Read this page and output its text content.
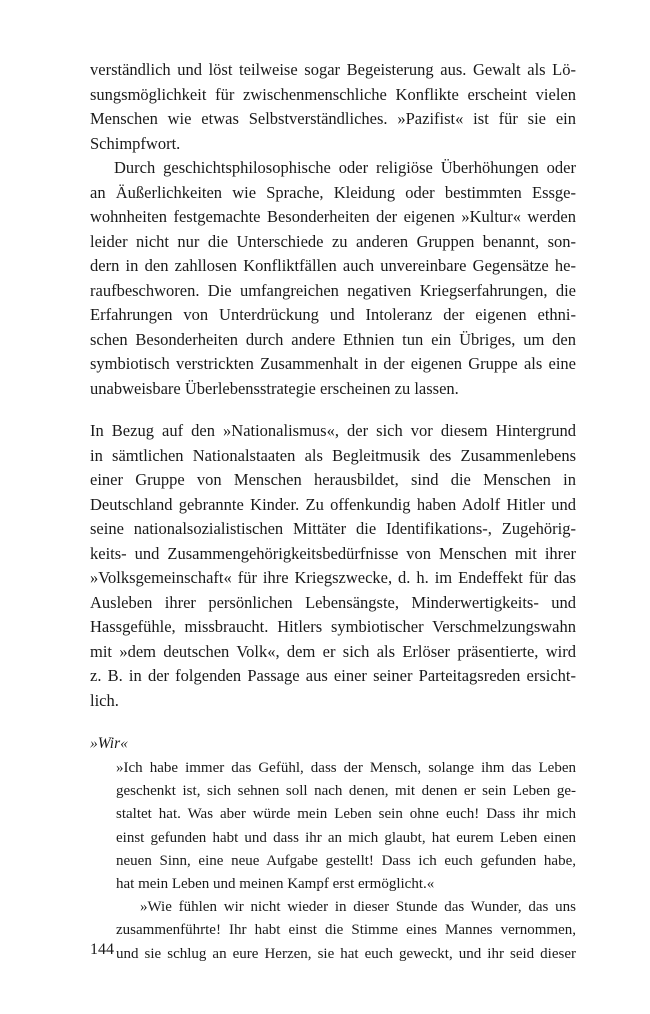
verständlich und löst teilweise sogar Begeisterung aus. Gewalt als Lö-
sungsmöglichkeit für zwischenmenschliche Konflikte erscheint vielen
Menschen wie etwas Selbstverständliches. »Pazifist« ist für sie ein
Schimpfwort.
Durch geschichtsphilosophische oder religiöse Überhöhungen oder
an Äußerlichkeiten wie Sprache, Kleidung oder bestimmten Essge-
wohnheiten festgemachte Besonderheiten der eigenen »Kultur« werden
leider nicht nur die Unterschiede zu anderen Gruppen benannt, son-
dern in den zahllosen Konfliktfällen auch unvereinbare Gegensätze he-
raufbeschworen. Die umfangreichen negativen Kriegserfahrungen, die
Erfahrungen von Unterdrückung und Intoleranz der eigenen ethni-
schen Besonderheiten durch andere Ethnien tun ein Übriges, um den
symbiotisch verstrickten Zusammenhalt in der eigenen Gruppe als eine
unabweisbare Überlebensstrategie erscheinen zu lassen.
In Bezug auf den »Nationalismus«, der sich vor diesem Hintergrund
in sämtlichen Nationalstaaten als Begleitmusik des Zusammenlebens
einer Gruppe von Menschen herausbildet, sind die Menschen in
Deutschland gebrannte Kinder. Zu offenkundig haben Adolf Hitler und
seine nationalsozialistischen Mittäter die Identifikations-, Zugehörig-
keits- und Zusammengehörigkeitsbedürfnisse von Menschen mit ihrer
»Volksgemeinschaft« für ihre Kriegszwecke, d. h. im Endeffekt für das
Ausleben ihrer persönlichen Lebensängste, Minderwertigkeits- und
Hassgefühle, missbraucht. Hitlers symbiotischer Verschmelzungswahn
mit »dem deutschen Volk«, dem er sich als Erlöser präsentierte, wird
z. B. in der folgenden Passage aus einer seiner Parteitagsreden ersicht-
lich.
»Wir«
»Ich habe immer das Gefühl, dass der Mensch, solange ihm das Leben
geschenkt ist, sich sehnen soll nach denen, mit denen er sein Leben ge-
staltet hat. Was aber würde mein Leben sein ohne euch! Dass ihr mich
einst gefunden habt und dass ihr an mich glaubt, hat eurem Leben einen
neuen Sinn, eine neue Aufgabe gestellt! Dass ich euch gefunden habe,
hat mein Leben und meinen Kampf erst ermöglicht.«
»Wie fühlen wir nicht wieder in dieser Stunde das Wunder, das uns
zusammenführte! Ihr habt einst die Stimme eines Mannes vernommen,
und sie schlug an eure Herzen, sie hat euch geweckt, und ihr seid dieser
144
